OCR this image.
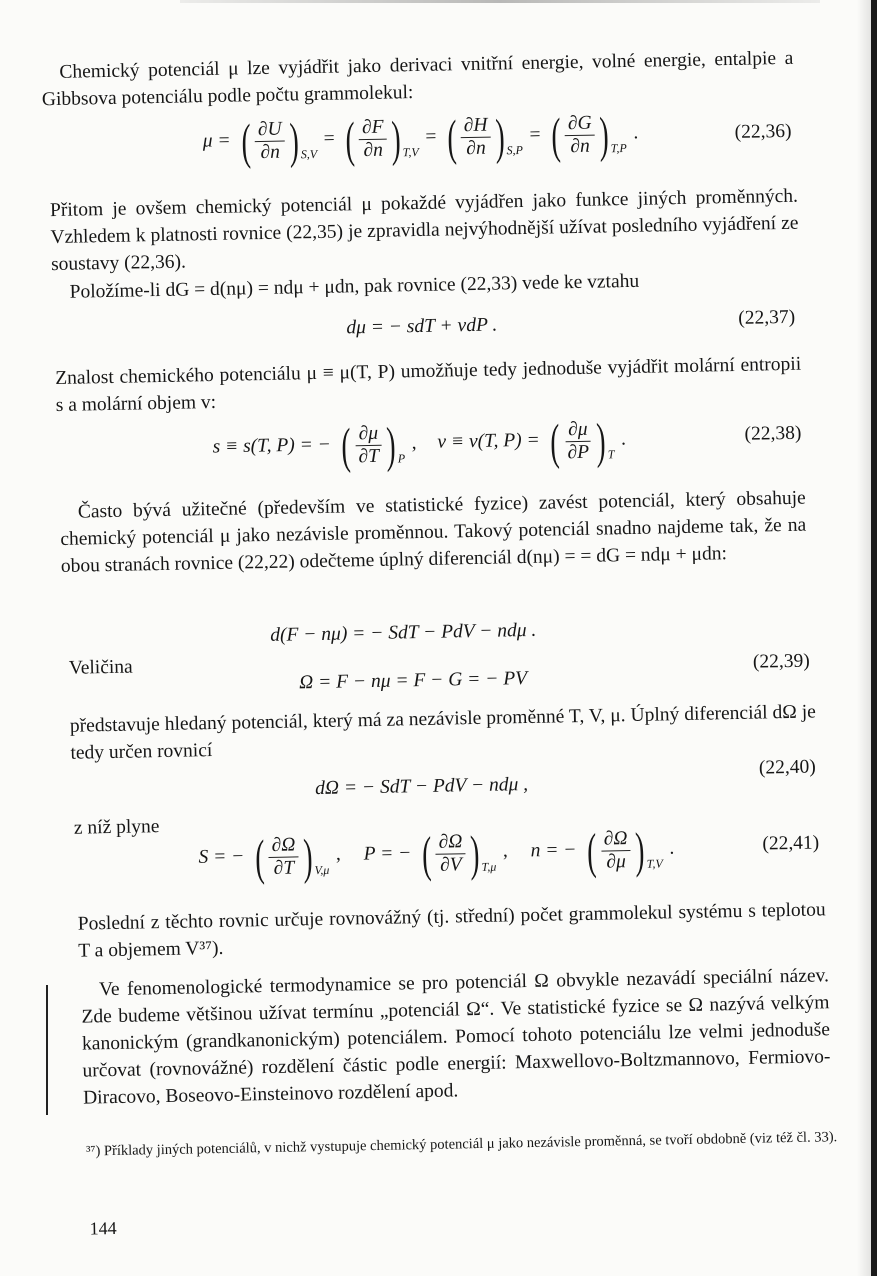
Chemický potenciál μ lze vyjádřit jako derivaci vnitřní energie, volné energie, entalpie a Gibbsova potenciálu podle počtu grammolekul:
μ = ( $\frac{\partial U}{\partial n}$ ) S,V
= ( $\frac{\partial F}{\partial n}$ ) T,V
= ( $\frac{\partial H}{\partial n}$ ) S,P
= ( $\frac{\partial G}{\partial n}$ ) T,P
.	(22,36)
Přitom je ovšem chemický potenciál μ pokaždé vyjádřen jako funkce jiných proměnných. Vzhledem k platnosti rovnice (22,35) je zpravidla nejvýhodnější užívat posledního vyjádření ze soustavy (22,36).
Položíme-li dG = d(nμ) = ndμ + μdn, pak rovnice (22,33) vede ke vztahu
dμ = − sdT + vdP .	(22,37)
Znalost chemického potenciálu μ ≡ μ(T, P) umožňuje tedy jednoduše vyjádřit molární entropii s a molární objem v:
s ≡ s(T, P) = − ( $\frac{\partial\mu}{\partial T}$ ) P
, v ≡ v(T, P) = ( $\frac{\partial\mu}{\partial P}$ ) T
.	(22,38)
Často bývá užitečné (především ve statistické fyzice) zavést potenciál, který obsahuje chemický potenciál μ jako nezávisle proměnnou. Takový potenciál snadno najdeme tak, že na obou stranách rovnice (22,22) odečteme úplný diferenciál d(nμ) = = dG = ndμ + μdn:
d(F − nμ) = − SdT − PdV − ndμ .
Veličina
Ω = F − nμ = F − G = − PV
(22,39)
představuje hledaný potenciál, který má za nezávisle proměnné T, V, μ. Úplný diferenciál dΩ je tedy určen rovnicí
dΩ = − SdT − PdV − ndμ ,
(22,40)
z níž plyne
S = − ( $\frac{\partial\Omega}{\partial T}$ ) V,μ
, P = − ( $\frac{\partial\Omega}{\partial V}$ ) T,μ
, n = − ( $\frac{\partial\Omega}{\partial\mu}$ ) T,V
.	(22,41)
Poslední z těchto rovnic určuje rovnovážný (tj. střední) počet grammolekul systému s teplotou T a objemem V³⁷).
Ve fenomenologické termodynamice se pro potenciál Ω obvykle nezavádí speciální název. Zde budeme většinou užívat termínu „potenciál Ω“. Ve statistické fyzice se Ω nazývá velkým kanonickým (grandkanonickým) potenciálem. Pomocí tohoto potenciálu lze velmi jednoduše určovat (rovnovážné) rozdělení částic podle energií: Maxwellovo-Boltzmannovo, Fermiovo-Diracovo, Boseovo-Einsteinovo rozdělení apod.
³⁷) Příklady jiných potenciálů, v nichž vystupuje chemický potenciál μ jako nezávisle proměnná, se tvoří obdobně (viz též čl. 33).
144
